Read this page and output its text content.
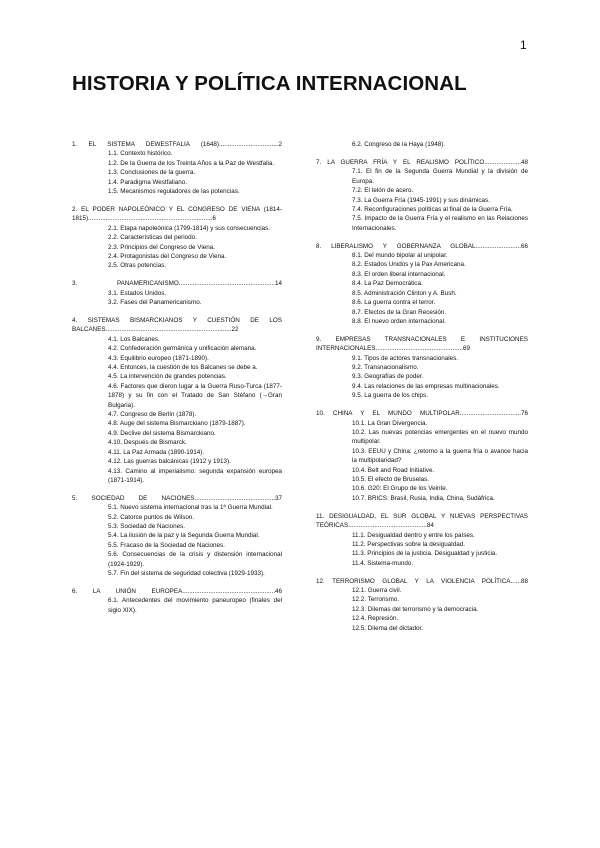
1
HISTORIA Y POLÍTICA INTERNACIONAL
1. EL SISTEMA DEWESTFALIA (1648)..................................2
1.1. Contexto histórico.
1.2. De la Guerra de los Treinta Años a la Paz de Westfalia.
1.3. Conclusiones de la guerra.
1.4. Paradigma Westfaliano.
1.5. Mecanismos reguladores de las potencias.
2. EL PODER NAPOLEÓNICO Y EL CONGRESO DE VIENA (1814-1815).......................................................................6
2.1. Etapa napoleónica (1799-1814) y sus consecuencias.
2.2. Características del periodo.
2.3. Principios del Congreso de Viena.
2.4. Protagonistas del Congreso de Viena.
2.5. Otras potencias.
3. PANAMERICANISMO.......................................................14
3.1. Estados Unidos.
3.2. Fases del Panamericanismo.
4. SISTEMAS BISMARCKIANOS Y CUESTIÓN DE LOS BALCANES........................................................................22
4.1. Los Balcanes.
4.2. Confederación germánica y unificación alemana.
4.3. Equilibrio europeo (1871-1890).
4.4. Entonces, la cuestión de los Balcanes se debe a.
4.5. La intervención de grandes potencias.
4.6. Factores que dieron lugar a la Guerra Ruso-Turca (1877-1878) y su fin con el Tratado de San Stéfano (→Gran Bulgaria).
4.7. Congreso de Berlín (1878).
4.8. Auge del sistema Bismarckiano (1879-1887).
4.9. Declive del sistema Bismarckiano.
4.10. Después de Bismarck.
4.11. La Paz Armada (1890-1914).
4.12. Las guerras balcánicas (1912 y 1913).
4.13. Camino al imperialismo: segunda expansión europea (1871-1914).
5. SOCIEDAD DE NACIONES..............................................37
5.1. Nuevo sistema internacional tras la 1ª Guerra Mundial.
5.2. Catorce puntos de Wilson.
5.3. Sociedad de Naciones.
5.4. La ilusión de la paz y la Segunda Guerra Mundial.
5.5. Fracaso de la Sociedad de Naciones.
5.6. Consecuencias de la crisis y distensión internacional (1924-1929).
5.7. Fin del sistema de seguridad colectiva (1929-1933).
6. LA UNIÓN EUROPEA.....................................................46
6.1. Antecedentes del movimiento paneuropeo (finales del siglo XIX).
6.2. Congreso de la Haya (1948).
7. LA GUERRA FRÍA Y EL REALISMO POLÍTICO.....................48
7.1. El fin de la Segunda Guerra Mundial y la división de Europa.
7.2. El telón de acero.
7.3. La Guerra Fría (1945-1991) y sus dinámicas.
7.4. Reconfiguraciones políticas al final de la Guerra Fría.
7.5. Impacto de la Guerra Fría y el realismo en las Relaciones Internacionales.
8. LIBERALISMO Y GOBERNANZA GLOBAL..........................66
8.1. Del mundo bipolar al unipolar.
8.2. Estados Unidos y la Pax Americana.
8.3. El orden liberal internacional.
8.4. La Paz Democrática.
8.5. Administración Clinton y A. Bush.
8.6. La guerra contra el terror.
8.7. Efectos de la Gran Recesión.
8.8. El nuevo orden internacional.
9. EMPRESAS TRANSNACIONALES E INSTITUCIONES INTERNACIONALES..................................................69
9.1. Tipos de actores transnacionales.
9.2. Transnacionalismo.
9.3. Geografías de poder.
9.4. Las relaciones de las empresas multinacionales.
9.5. La guerra de los chips.
10. CHINA Y EL MUNDO MULTIPOLAR...................................76
10.1. La Gran Divergencia.
10.2. Las nuevas potencias emergentes en el nuevo mundo multipolar.
10.3. EEUU y China: ¿retorno a la guerra fría o avance hacia la multipolaridad?
10.4. Belt and Road Initiative.
10.5. El efecto de Bruselas.
10.6. G20: El Grupo de los Veinte.
10.7. BRICS: Brasil, Rusia, India, China, Sudáfrica.
11. DESIGUALDAD, EL SUR GLOBAL Y NUEVAS PERSPECTIVAS TEÓRICAS.............................................84
11.1. Desigualdad dentro y entre los países.
11.2. Perspectivas sobre la desigualdad.
11.3. Principios de la justicia. Desigualdad y justicia.
11.4. Sistema-mundo.
12. TERRORISMO GLOBAL Y LA VIOLENCIA POLÍTICA......88
12.1. Guerra civil.
12.2. Terrorismo.
12.3. Dilemas del terrorismo y la democracia.
12.4. Represión.
12.5. Dilema del dictador.
